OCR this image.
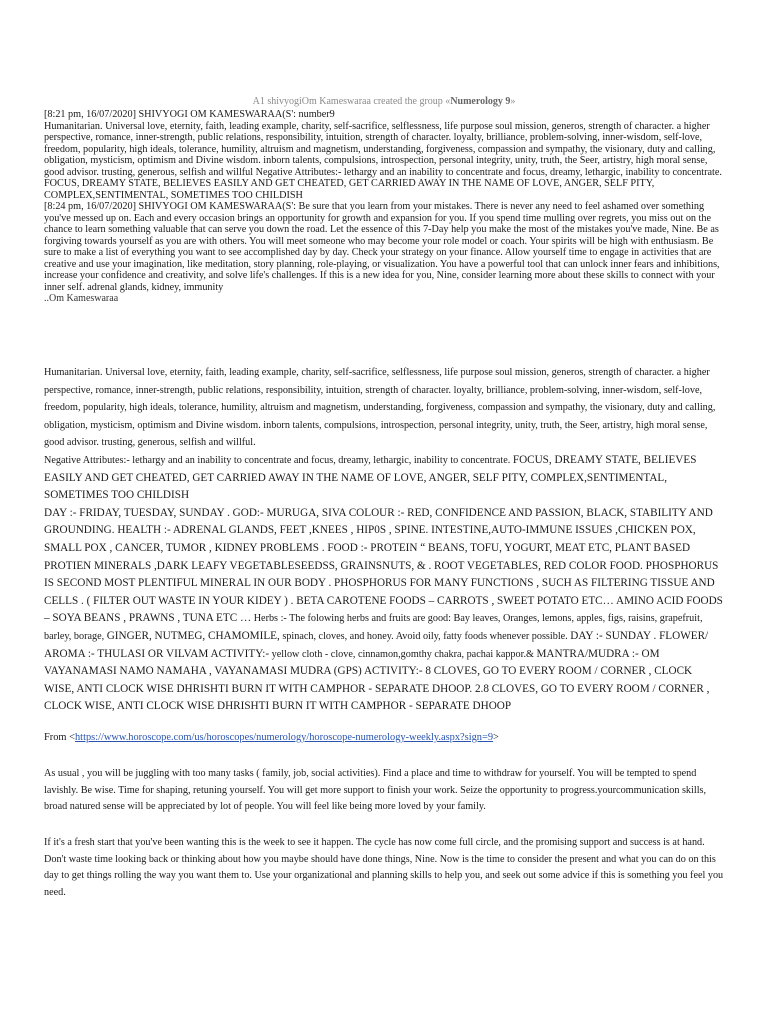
A1 shivyogiOm Kameswaraa created the group «Numerology 9»

[8:21 pm, 16/07/2020] SHIVYOGI OM KAMESWARAA(S': number9
Humanitarian. Universal love, eternity, faith, leading example, charity, self-sacrifice, selflessness, life purpose soul mission, generos, strength of character. a higher perspective, romance, inner-strength, public relations, responsibility, intuition, strength of character. loyalty, brilliance, problem-solving, inner-wisdom, self-love, freedom, popularity, high ideals, tolerance, humility, altruism and magnetism, understanding, forgiveness, compassion and sympathy, the visionary, duty and calling, obligation, mysticism, optimism and Divine wisdom. inborn talents, compulsions, introspection, personal integrity, unity, truth, the Seer, artistry, high moral sense, good advisor. trusting, generous, selfish and willful Negative Attributes:- lethargy and an inability to concentrate and focus, dreamy, lethargic, inability to concentrate. FOCUS, DREAMY STATE, BELIEVES EASILY AND GET CHEATED, GET CARRIED AWAY IN THE NAME OF LOVE, ANGER, SELF PITY, COMPLEX,SENTIMENTAL, SOMETIMES TOO CHILDISH

[8:24 pm, 16/07/2020] SHIVYOGI OM KAMESWARAA(S': Be sure that you learn from your mistakes. There is never any need to feel ashamed over something you've messed up on. Each and every occasion brings an opportunity for growth and expansion for you. If you spend time mulling over regrets, you miss out on the chance to learn something valuable that can serve you down the road. Let the essence of this 7-Day help you make the most of the mistakes you've made, Nine. Be as forgiving towards yourself as you are with others. You will meet someone who may become your role model or coach. Your spirits will be high with enthusiasm. Be sure to make a list of everything you want to see accomplished day by day. Check your strategy on your finance. Allow yourself time to engage in activities that are creative and use your imagination, like meditation, story planning, role-playing, or visualization. You have a powerful tool that can unlock inner fears and inhibitions, increase your confidence and creativity, and solve life's challenges. If this is a new idea for you, Nine, consider learning more about these skills to connect with your inner self. adrenal glands, kidney, immunity

..Om Kameswaraa

Humanitarian. Universal love, eternity, faith, leading example, charity, self-sacrifice, selflessness, life purpose soul mission, generos, strength of character. a higher perspective, romance, inner-strength, public relations, responsibility, intuition, strength of character. loyalty, brilliance, problem-solving, inner-wisdom, self-love, freedom, popularity, high ideals, tolerance, humility, altruism and magnetism, understanding, forgiveness, compassion and sympathy, the visionary, duty and calling, obligation, mysticism, optimism and Divine wisdom. inborn talents, compulsions, introspection, personal integrity, unity, truth, the Seer, artistry, high moral sense, good advisor. trusting, generous, selfish and willful.

Negative Attributes:- lethargy and an inability to concentrate and focus, dreamy, lethargic, inability to concentrate. FOCUS, DREAMY STATE, BELIEVES EASILY AND GET CHEATED, GET CARRIED AWAY IN THE NAME OF LOVE, ANGER, SELF PITY, COMPLEX,SENTIMENTAL, SOMETIMES TOO CHILDISH

DAY :- FRIDAY, TUESDAY, SUNDAY . GOD:- MURUGA, SIVA COLOUR :- RED, CONFIDENCE AND PASSION, BLACK, STABILITY AND GROUNDING. HEALTH :- ADRENAL GLANDS, FEET ,KNEES , HIP0S , SPINE. INTESTINE,AUTO-IMMUNE ISSUES ,CHICKEN POX, SMALL POX , CANCER, TUMOR , KIDNEY PROBLEMS . FOOD :- PROTEIN “ BEANS, TOFU, YOGURT, MEAT ETC, PLANT BASED PROTIEN MINERALS ,DARK LEAFY VEGETABLESEEDSS, GRAINSNUTS, & . ROOT VEGETABLES, RED COLOR FOOD. PHOSPHORUS IS SECOND MOST PLENTIFUL MINERAL IN OUR BODY . PHOSPHORUS FOR MANY FUNCTIONS , SUCH AS FILTERING TISSUE AND CELLS . ( FILTER OUT WASTE IN YOUR KIDEY ) . BETA CAROTENE FOODS – CARROTS , SWEET POTATO ETC… AMINO ACID FOODS – SOYA BEANS , PRAWNS , TUNA ETC … Herbs :- The folowing herbs and fruits are good: Bay leaves, Oranges, lemons, apples, figs, raisins, grapefruit, barley, borage, GINGER, NUTMEG, CHAMOMILE, spinach, cloves, and honey. Avoid oily, fatty foods whenever possible. DAY :- SUNDAY . FLOWER/ AROMA :- THULASI OR VILVAM ACTIVITY:- yellow cloth - clove, cinnamon,gomthy chakra, pachai kappor.& MANTRA/MUDRA :- OM VAYANAMASI NAMO NAMAHA , VAYANAMASI MUDRA (GPS) ACTIVITY:- 8 CLOVES, GO TO EVERY ROOM / CORNER , CLOCK WISE, ANTI CLOCK WISE DHRISHTI BURN IT WITH CAMPHOR - SEPARATE DHOOP. 2.8 CLOVES, GO TO EVERY ROOM / CORNER , CLOCK WISE, ANTI CLOCK WISE DHRISHTI BURN IT WITH CAMPHOR - SEPARATE DHOOP

From <https://www.horoscope.com/us/horoscopes/numerology/horoscope-numerology-weekly.aspx?sign=9>
As usual , you will be juggling with too many tasks ( family, job, social activities). Find a place and time to withdraw for yourself. You will be tempted to spend lavishly. Be wise. Time for shaping, retuning yourself. You will get more support to finish your work. Seize the opportunity to progress.yourcommunication skills, broad natured sense will be appreciated by lot of people. You will feel like being more loved by your family.
If it's a fresh start that you've been wanting this is the week to see it happen. The cycle has now come full circle, and the promising support and success is at hand. Don't waste time looking back or thinking about how you maybe should have done things, Nine. Now is the time to consider the present and what you can do on this day to get things rolling the way you want them to. Use your organizational and planning skills to help you, and seek out some advice if this is something you feel you need.
